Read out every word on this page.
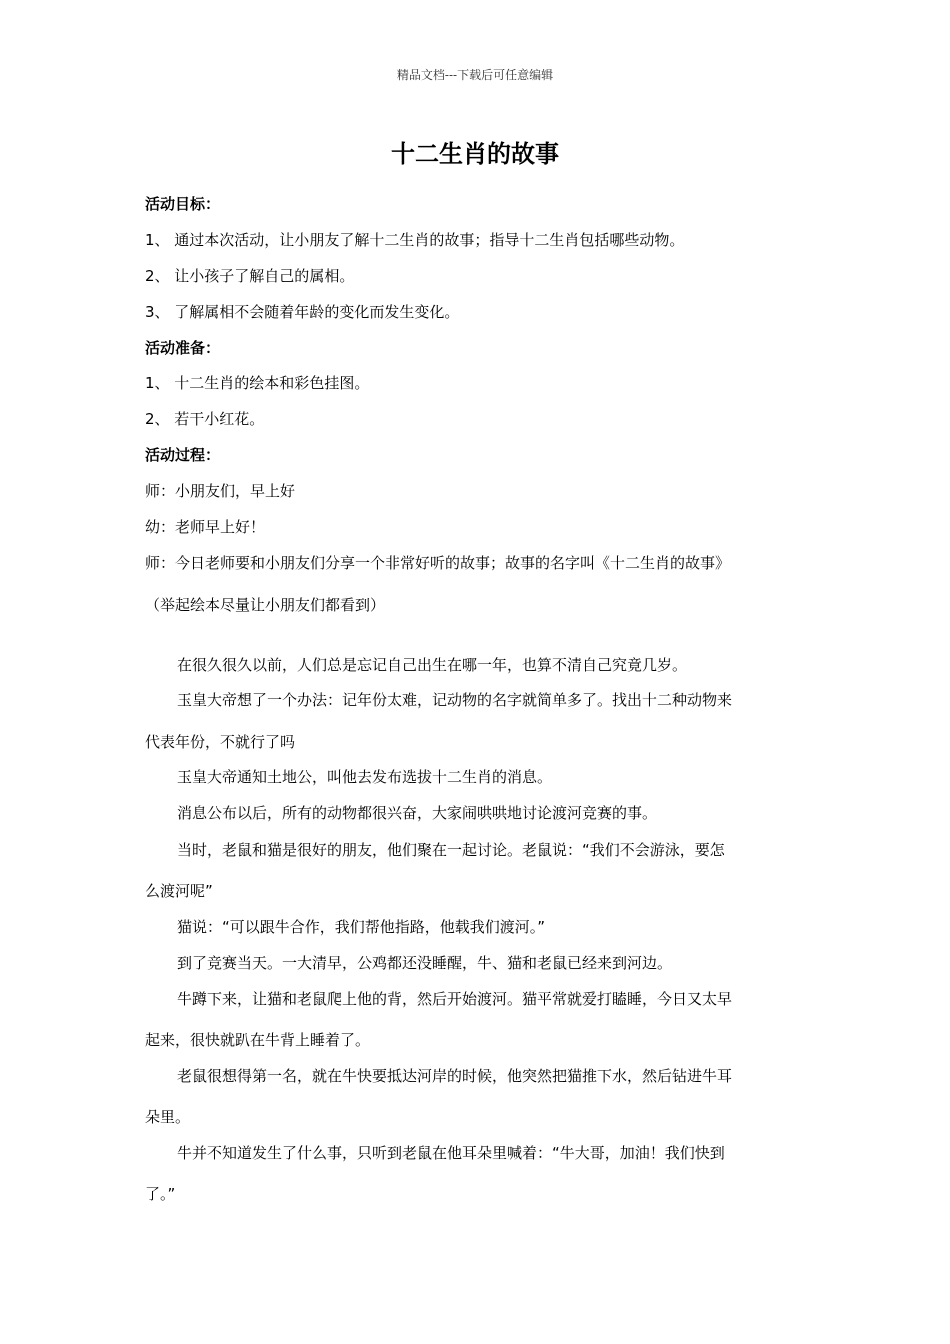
精品文档---下载后可任意编辑
十二生肖的故事
活动目标：
1、 通过本次活动，让小朋友了解十二生肖的故事；指导十二生肖包括哪些动物。
2、 让小孩子了解自己的属相。
3、 了解属相不会随着年龄的变化而发生变化。
活动准备：
1、 十二生肖的绘本和彩色挂图。
2、 若干小红花。
活动过程：
师：小朋友们，早上好
幼：老师早上好！
师：今日老师要和小朋友们分享一个非常好听的故事；故事的名字叫《十二生肖的故事》
（举起绘本尽量让小朋友们都看到）
在很久很久以前，人们总是忘记自己出生在哪一年，也算不清自己究竟几岁。
玉皇大帝想了一个办法：记年份太难，记动物的名字就简单多了。找出十二种动物来
代表年份，不就行了吗
玉皇大帝通知土地公，叫他去发布选拔十二生肖的消息。
消息公布以后，所有的动物都很兴奋，大家闹哄哄地讨论渡河竞赛的事。
当时，老鼠和猫是很好的朋友，他们聚在一起讨论。老鼠说：“我们不会游泳，要怎
么渡河呢”
猫说：“可以跟牛合作，我们帮他指路，他载我们渡河。”
到了竞赛当天。一大清早，公鸡都还没睡醒，牛、猫和老鼠已经来到河边。
牛蹲下来，让猫和老鼠爬上他的背，然后开始渡河。猫平常就爱打瞌睡，今日又太早
起来，很快就趴在牛背上睡着了。
老鼠很想得第一名，就在牛快要抵达河岸的时候，他突然把猫推下水，然后钻进牛耳
朵里。
牛并不知道发生了什么事，只听到老鼠在他耳朵里喊着：“牛大哥，加油！我们快到
了。”
